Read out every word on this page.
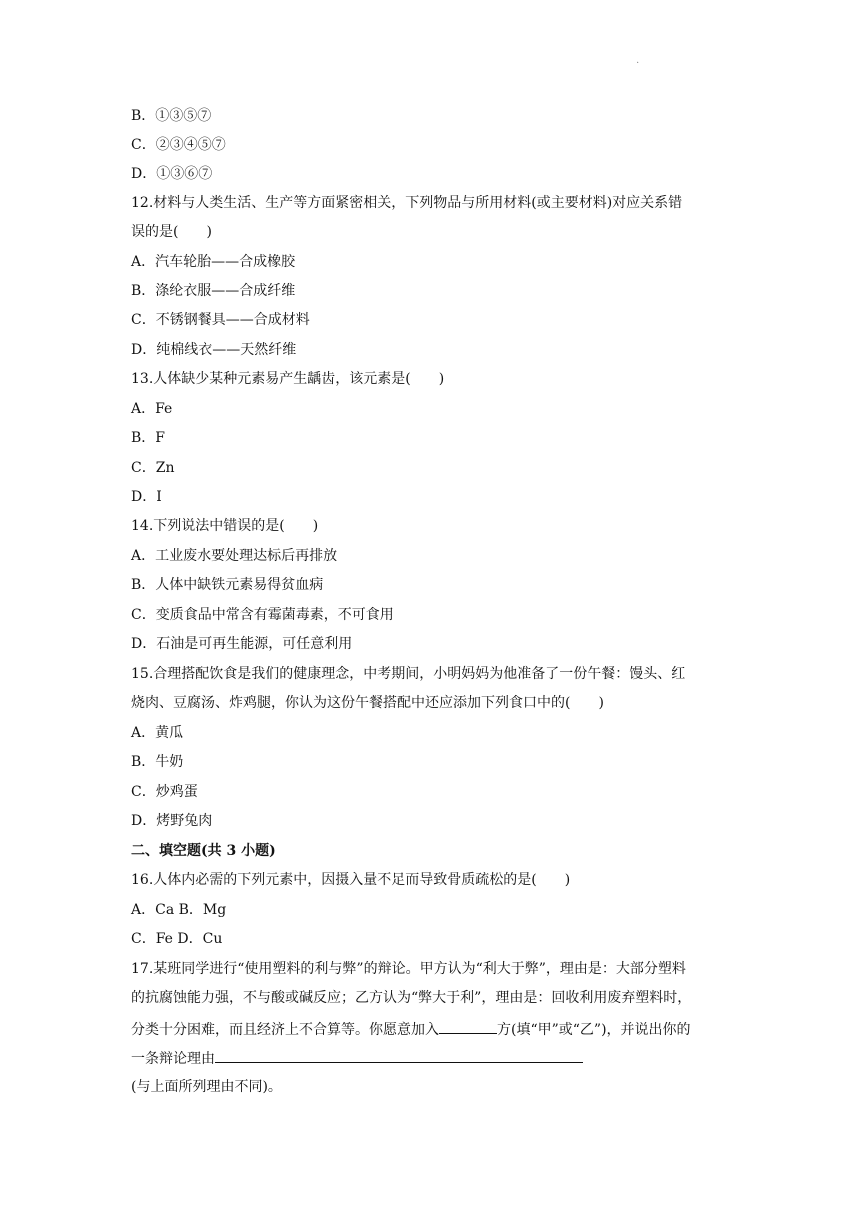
·
B．①③⑤⑦
C．②③④⑤⑦
D．①③⑥⑦
12.材料与人类生活、生产等方面紧密相关，下列物品与所用材料(或主要材料)对应关系错
误的是(　　)
A．汽车轮胎——合成橡胶
B．涤纶衣服——合成纤维
C．不锈钢餐具——合成材料
D．纯棉线衣——天然纤维
13.人体缺少某种元素易产生龋齿，该元素是(　　)
A．Fe
B．F
C．Zn
D．I
14.下列说法中错误的是(　　)
A．工业废水要处理达标后再排放
B．人体中缺铁元素易得贫血病
C．变质食品中常含有霉菌毒素，不可食用
D．石油是可再生能源，可任意利用
15.合理搭配饮食是我们的健康理念，中考期间，小明妈妈为他准备了一份午餐：馒头、红
烧肉、豆腐汤、炸鸡腿，你认为这份午餐搭配中还应添加下列食口中的(　　)
A．黄瓜
B．牛奶
C．炒鸡蛋
D．烤野兔肉
二、填空题(共 3 小题)
16.人体内必需的下列元素中，因摄入量不足而导致骨质疏松的是(　　)
A．Ca B．Mg
C．Fe D．Cu
17.某班同学进行“使用塑料的利与弊”的辩论。甲方认为“利大于弊”，理由是：大部分塑料
的抗腐蚀能力强，不与酸或碱反应；乙方认为“弊大于利”，理由是：回收利用废弃塑料时，
分类十分困难，而且经济上不合算等。你愿意加入	方(填“甲”或“乙”)，并说出你的
一条辩论理由
(与上面所列理由不同)。
